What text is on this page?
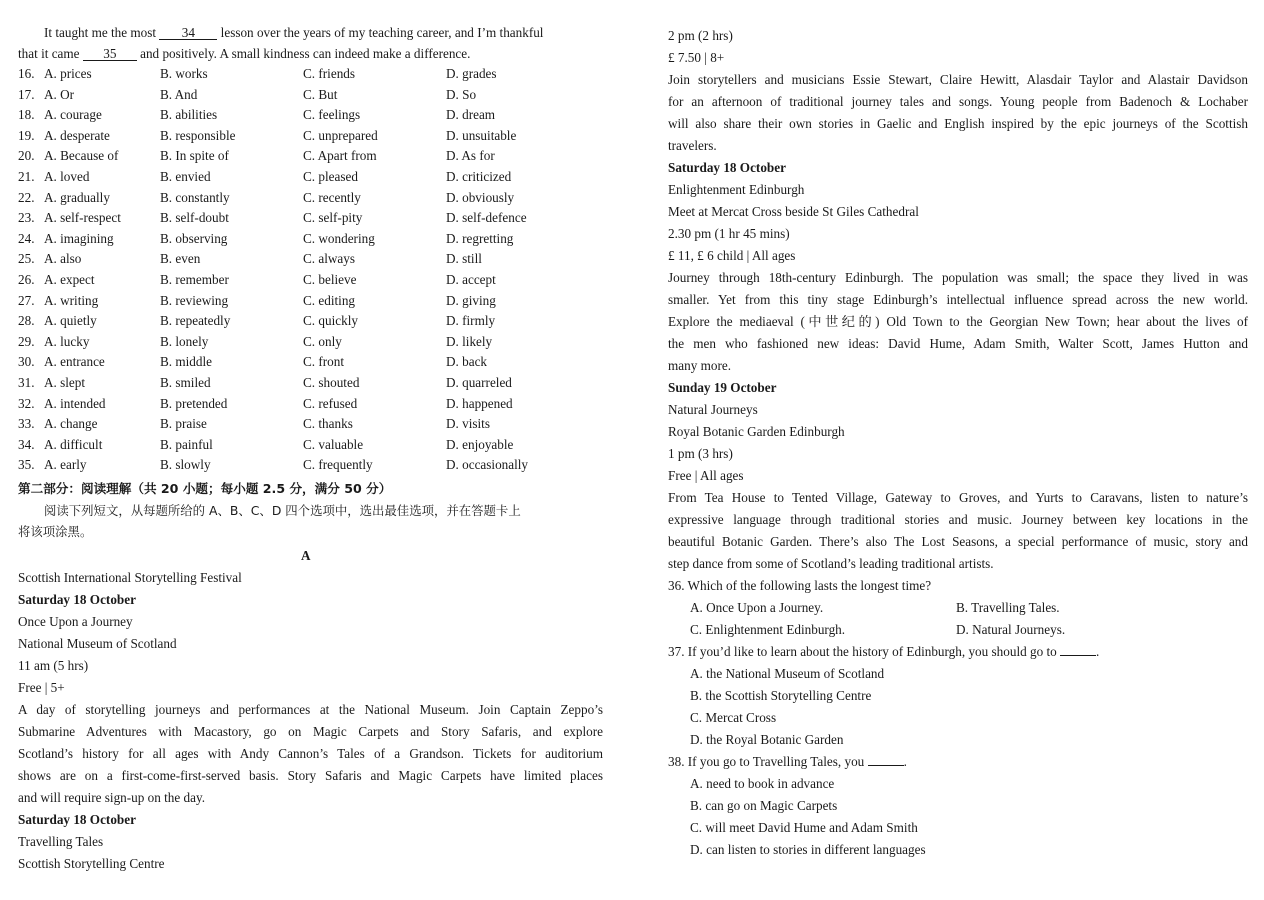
It taught me the most 34 lesson over the years of my teaching career, and I’m thankful
that it came 35 and positively. A small kindness can indeed make a difference.
16. A. prices	B. works	C. friends	D. grades
17. A. Or	B. And	C. But	D. So
18. A. courage	B. abilities	C. feelings	D. dream
19. A. desperate	B. responsible	C. unprepared	D. unsuitable
20. A. Because of	B. In spite of	C. Apart from	D. As for
21. A. loved	B. envied	C. pleased	D. criticized
22. A. gradually	B. constantly	C. recently	D. obviously
23. A. self-respect	B. self-doubt	C. self-pity	D. self-defence
24. A. imagining	B. observing	C. wondering	D. regretting
25. A. also	B. even	C. always	D. still
26. A. expect	B. remember	C. believe	D. accept
27. A. writing	B. reviewing	C. editing	D. giving
28. A. quietly	B. repeatedly	C. quickly	D. firmly
29. A. lucky	B. lonely	C. only	D. likely
30. A. entrance	B. middle	C. front	D. back
31. A. slept	B. smiled	C. shouted	D. quarreled
32. A. intended	B. pretended	C. refused	D. happened
33. A. change	B. praise	C. thanks	D. visits
34. A. difficult	B. painful	C. valuable	D. enjoyable
35. A. early	B. slowly	C. frequently	D. occasionally
第二部分：阅读理解（共 20 小题；每小题 2.5 分，满分 50 分）
阅读下列短文，从每题所给的 A、B、C、D 四个选项中，选出最佳选项，并在答题卡上
将该项涂黑。
A
Scottish International Storytelling Festival
Saturday 18 October
Once Upon a Journey
National Museum of Scotland
11 am (5 hrs)
Free | 5+
A day of storytelling journeys and performances at the National Museum. Join Captain Zeppo’s
Submarine Adventures with Macastory, go on Magic Carpets and Story Safaris, and explore
Scotland’s history for all ages with Andy Cannon’s Tales of a Grandson. Tickets for auditorium
shows are on a first-come-first-served basis. Story Safaris and Magic Carpets have limited places
and will require sign-up on the day.
Saturday 18 October
Travelling Tales
Scottish Storytelling Centre
2 pm (2 hrs)
£ 7.50 | 8+
Join storytellers and musicians Essie Stewart, Claire Hewitt, Alasdair Taylor and Alastair Davidson
for an afternoon of traditional journey tales and songs. Young people from Badenoch & Lochaber
will also share their own stories in Gaelic and English inspired by the epic journeys of the Scottish
travelers.
Saturday 18 October
Enlightenment Edinburgh
Meet at Mercat Cross beside St Giles Cathedral
2.30 pm (1 hr 45 mins)
£ 11, £ 6 child | All ages
Journey through 18th-century Edinburgh. The population was small; the space they lived in was
smaller. Yet from this tiny stage Edinburgh’s intellectual influence spread across the new world.
Explore the mediaeval (中世纪的) Old Town to the Georgian New Town; hear about the lives of
the men who fashioned new ideas: David Hume, Adam Smith, Walter Scott, James Hutton and
many more.
Sunday 19 October
Natural Journeys
Royal Botanic Garden Edinburgh
1 pm (3 hrs)
Free | All ages
From Tea House to Tented Village, Gateway to Groves, and Yurts to Caravans, listen to nature’s
expressive language through traditional stories and music. Journey between key locations in the
beautiful Botanic Garden. There’s also The Lost Seasons, a special performance of music, story and
step dance from some of Scotland’s leading traditional artists.
36. Which of the following lasts the longest time?
A. Once Upon a Journey.	B. Travelling Tales.
C. Enlightenment Edinburgh.	D. Natural Journeys.
37. If you’d like to learn about the history of Edinburgh, you should go to	.
A. the National Museum of Scotland
B. the Scottish Storytelling Centre
C. Mercat Cross
D. the Royal Botanic Garden
38. If you go to Travelling Tales, you	.
A. need to book in advance
B. can go on Magic Carpets
C. will meet David Hume and Adam Smith
D. can listen to stories in different languages
